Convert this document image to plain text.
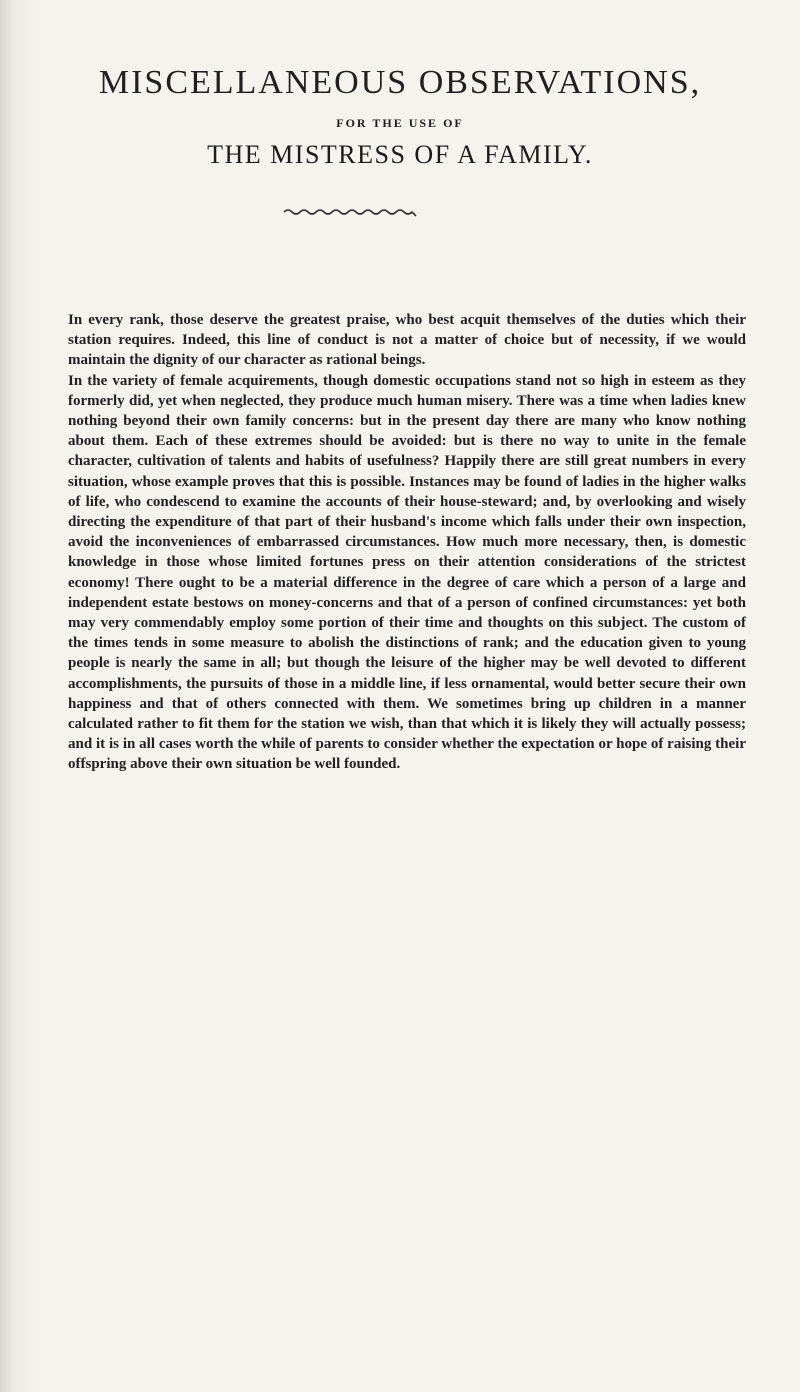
MISCELLANEOUS OBSERVATIONS,
FOR THE USE OF
THE MISTRESS OF A FAMILY.

In every rank, those deserve the greatest praise, who best acquit themselves of the duties which their station requires. Indeed, this line of conduct is not a matter of choice but of necessity, if we would maintain the dignity of our character as rational beings.

In the variety of female acquirements, though domestic occupations stand not so high in esteem as they formerly did, yet when neglected, they produce much human misery. There was a time when ladies knew nothing beyond their own family concerns: but in the present day there are many who know nothing about them. Each of these extremes should be avoided: but is there no way to unite in the female character, cultivation of talents and habits of usefulness? Happily there are still great numbers in every situation, whose example proves that this is possible. Instances may be found of ladies in the higher walks of life, who condescend to examine the accounts of their house-steward; and, by overlooking and wisely directing the expenditure of that part of their husband's income which falls under their own inspection, avoid the inconveniences of embarrassed circumstances. How much more necessary, then, is domestic knowledge in those whose limited fortunes press on their attention considerations of the strictest economy! There ought to be a material difference in the degree of care which a person of a large and independent estate bestows on money-concerns and that of a person of confined circumstances: yet both may very commendably employ some portion of their time and thoughts on this subject. The custom of the times tends in some measure to abolish the distinctions of rank; and the education given to young people is nearly the same in all; but though the leisure of the higher may be well devoted to different accomplishments, the pursuits of those in a middle line, if less ornamental, would better secure their own happiness and that of others connected with them. We sometimes bring up children in a manner calculated rather to fit them for the station we wish, than that which it is likely they will actually possess; and it is in all cases worth the while of parents to consider whether the expectation or hope of raising their offspring above their own situation be well founded.
